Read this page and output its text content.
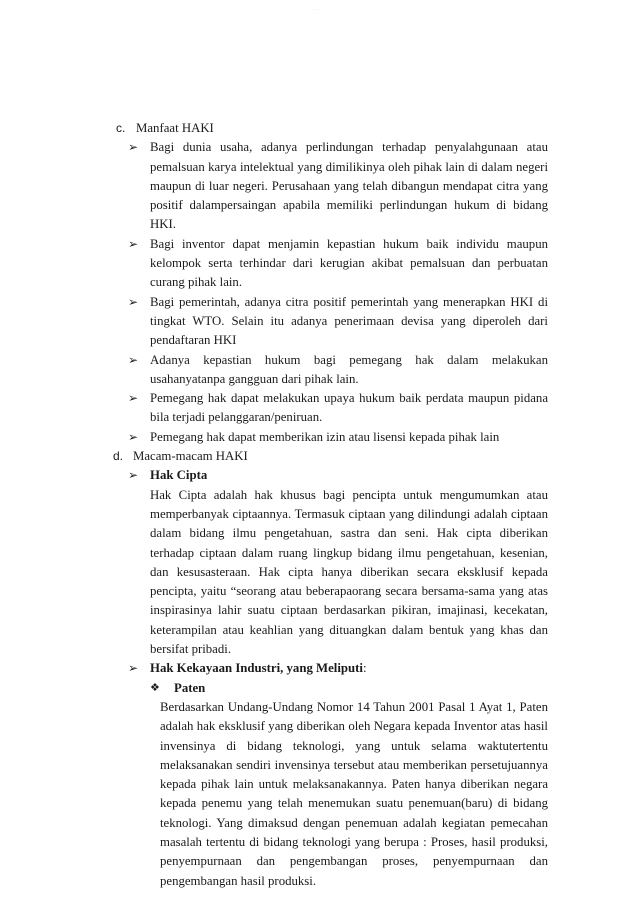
........

c. Manfaat HAKI

➢ Bagi dunia usaha, adanya perlindungan terhadap penyalahgunaan atau pemalsuan karya intelektual yang dimilikinya oleh pihak lain di dalam negeri maupun di luar negeri. Perusahaan yang telah dibangun mendapat citra yang positif dalampersaingan apabila memiliki perlindungan hukum di bidang HKI.

➢ Bagi inventor dapat menjamin kepastian hukum baik individu maupun kelompok serta terhindar dari kerugian akibat pemalsuan dan perbuatan curang pihak lain.

➢ Bagi pemerintah, adanya citra positif pemerintah yang menerapkan HKI di tingkat WTO. Selain itu adanya penerimaan devisa yang diperoleh dari pendaftaran HKI

➢ Adanya kepastian hukum bagi pemegang hak dalam melakukan usahanyatanpa gangguan dari pihak lain.

➢ Pemegang hak dapat melakukan upaya hukum baik perdata maupun pidana bila terjadi pelanggaran/peniruan.

➢ Pemegang hak dapat memberikan izin atau lisensi kepada pihak lain

d. Macam-macam HAKI

➢ Hak Cipta

Hak Cipta adalah hak khusus bagi pencipta untuk mengumumkan atau memperbanyak ciptaannya. Termasuk ciptaan yang dilindungi adalah ciptaan dalam bidang ilmu pengetahuan, sastra dan seni. Hak cipta diberikan terhadap ciptaan dalam ruang lingkup bidang ilmu pengetahuan, kesenian, dan kesusasteraan. Hak cipta hanya diberikan secara eksklusif kepada pencipta, yaitu “seorang atau beberapaorang secara bersama-sama yang atas inspirasinya lahir suatu ciptaan berdasarkan pikiran, imajinasi, kecekatan, keterampilan atau keahlian yang dituangkan dalam bentuk yang khas dan bersifat pribadi.

➢ Hak Kekayaan Industri, yang Meliputi:

❖ Paten

Berdasarkan Undang-Undang Nomor 14 Tahun 2001 Pasal 1 Ayat 1, Paten adalah hak eksklusif yang diberikan oleh Negara kepada Inventor atas hasil invensinya di bidang teknologi, yang untuk selama waktutertentu melaksanakan sendiri invensinya tersebut atau memberikan persetujuannya kepada pihak lain untuk melaksanakannya. Paten hanya diberikan negara kepada penemu yang telah menemukan suatu penemuan(baru) di bidang teknologi. Yang dimaksud dengan penemuan adalah kegiatan pemecahan masalah tertentu di bidang teknologi yang berupa : Proses, hasil produksi, penyempurnaan dan pengembangan proses, penyempurnaan dan pengembangan hasil produksi.
